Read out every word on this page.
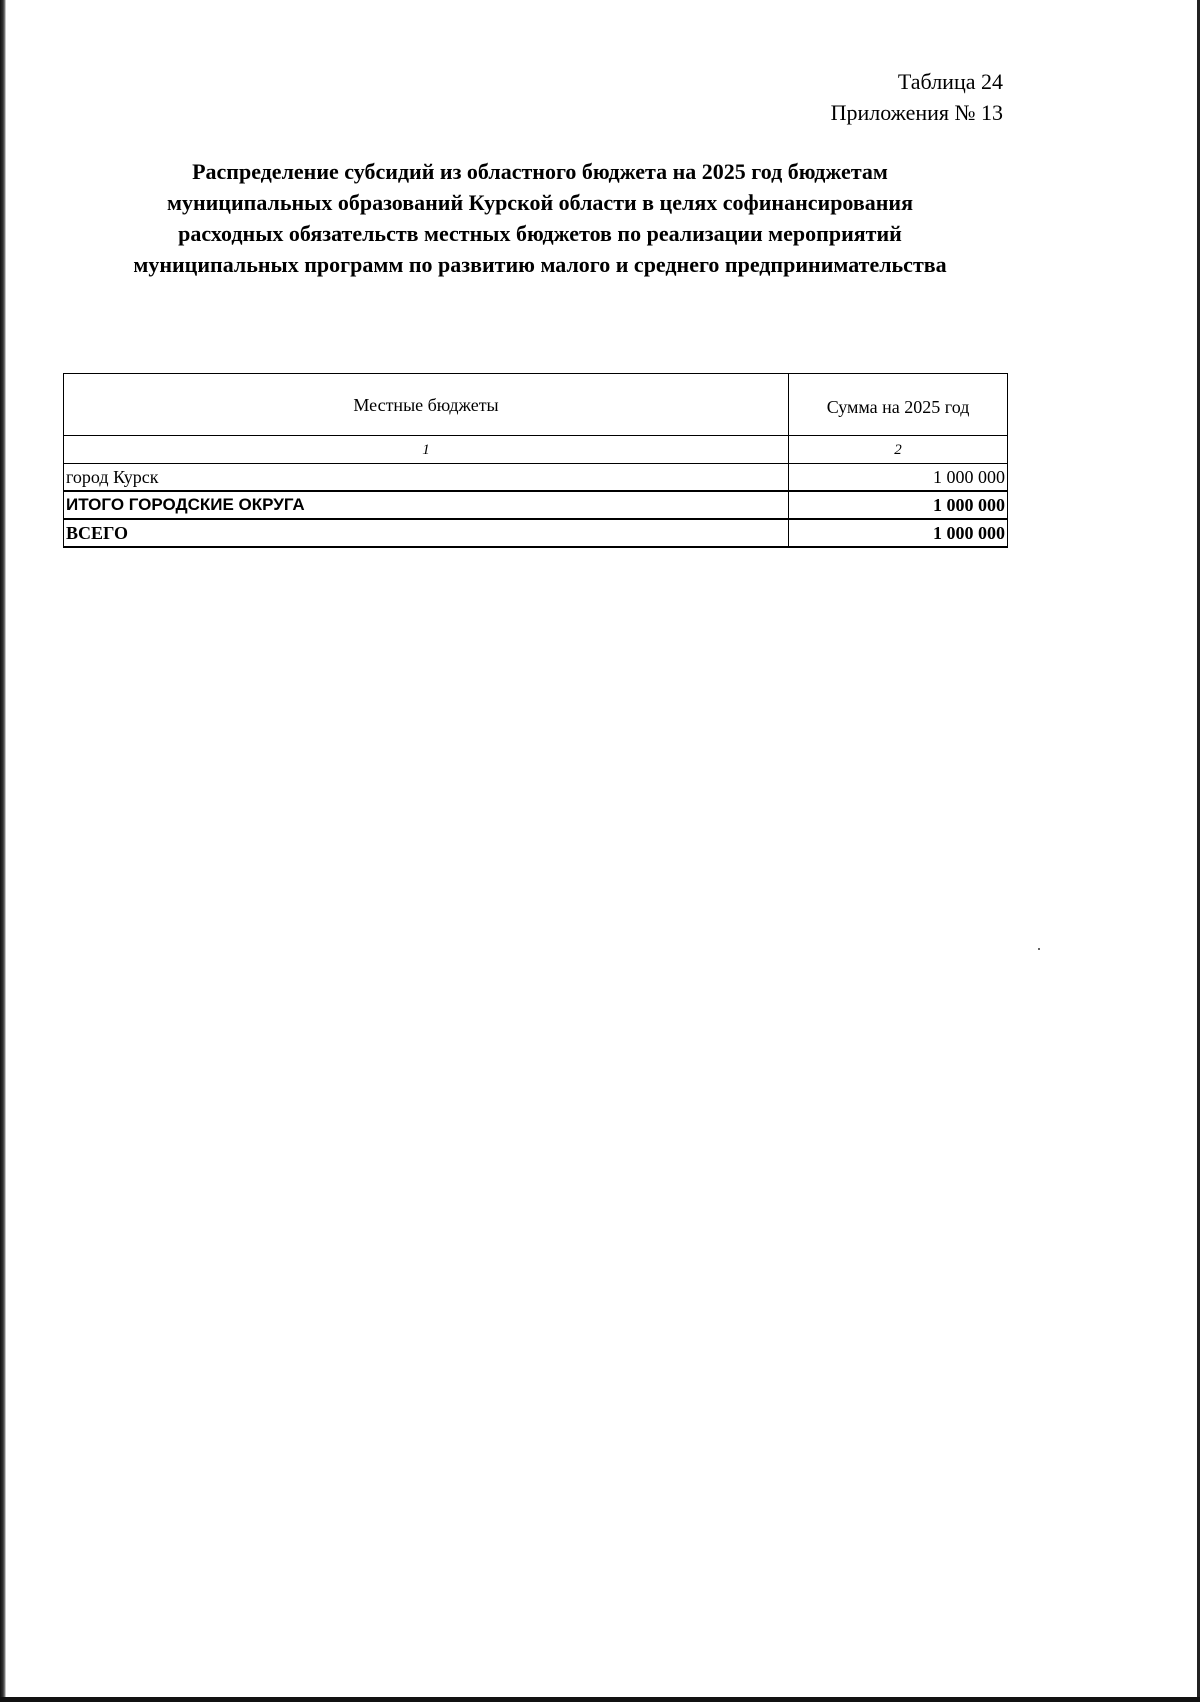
Таблица 24
Приложения № 13
Распределение субсидий из областного бюджета на 2025 год бюджетам
муниципальных образований Курской области в целях софинансирования
расходных обязательств местных бюджетов по реализации мероприятий
муниципальных программ по развитию малого и среднего предпринимательства
Местные бюджеты	Сумма на 2025 год
1	2
город Курск	1 000 000
ИТОГО ГОРОДСКИЕ ОКРУГА	1 000 000
ВСЕГО	1 000 000
